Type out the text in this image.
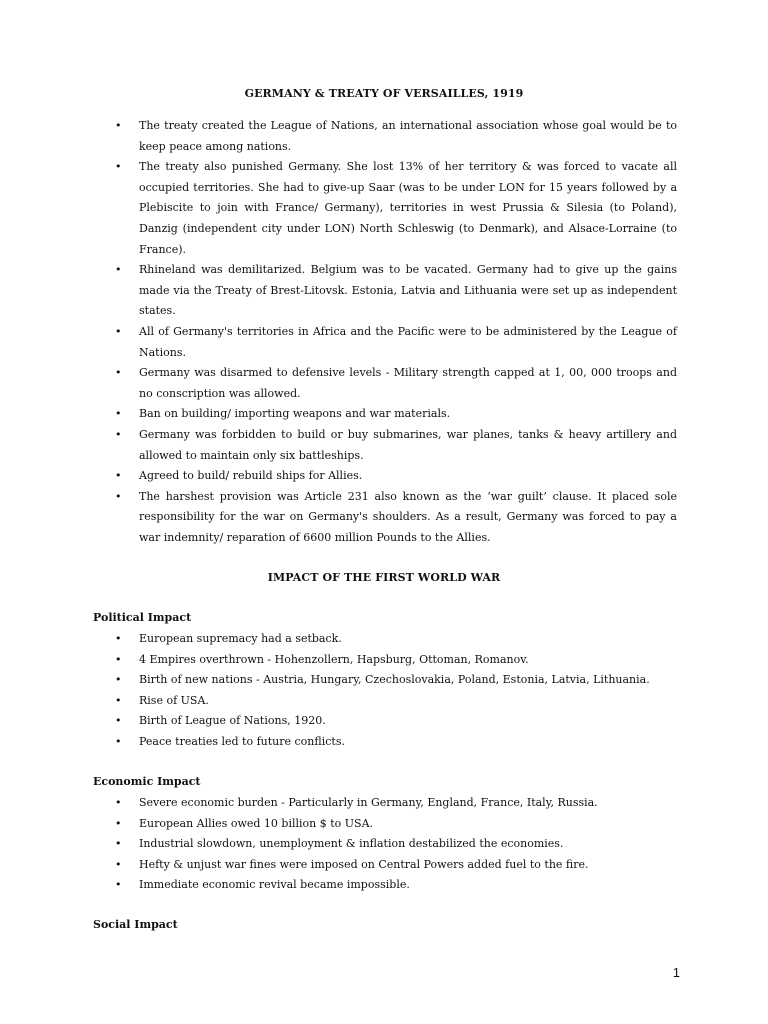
GERMANY & TREATY OF VERSAILLES, 1919
• The treaty created the League of Nations, an international association whose goal would be to keep peace among nations.
• The treaty also punished Germany. She lost 13% of her territory & was forced to vacate all occupied territories. She had to give-up Saar (was to be under LON for 15 years followed by a Plebiscite to join with France/ Germany), territories in west Prussia & Silesia (to Poland), Danzig (independent city under LON) North Schleswig (to Denmark), and Alsace-Lorraine (to France).
• Rhineland was demilitarized. Belgium was to be vacated. Germany had to give up the gains made via the Treaty of Brest-Litovsk. Estonia, Latvia and Lithuania were set up as independent states.
• All of Germany's territories in Africa and the Pacific were to be administered by the League of Nations.
• Germany was disarmed to defensive levels - Military strength capped at 1, 00, 000 troops and no conscription was allowed.
• Ban on building/ importing weapons and war materials.
• Germany was forbidden to build or buy submarines, war planes, tanks & heavy artillery and allowed to maintain only six battleships.
• Agreed to build/ rebuild ships for Allies.
• The harshest provision was Article 231 also known as the ‘war guilt’ clause. It placed sole responsibility for the war on Germany's shoulders. As a result, Germany was forced to pay a war indemnity/ reparation of 6600 million Pounds to the Allies.
IMPACT OF THE FIRST WORLD WAR
Political Impact
• European supremacy had a setback.
• 4 Empires overthrown - Hohenzollern, Hapsburg, Ottoman, Romanov.
• Birth of new nations - Austria, Hungary, Czechoslovakia, Poland, Estonia, Latvia, Lithuania.
• Rise of USA.
• Birth of League of Nations, 1920.
• Peace treaties led to future conflicts.
Economic Impact
• Severe economic burden - Particularly in Germany, England, France, Italy, Russia.
• European Allies owed 10 billion $ to USA.
• Industrial slowdown, unemployment & inflation destabilized the economies.
• Hefty & unjust war fines were imposed on Central Powers added fuel to the fire.
• Immediate economic revival became impossible.
Social Impact
1
